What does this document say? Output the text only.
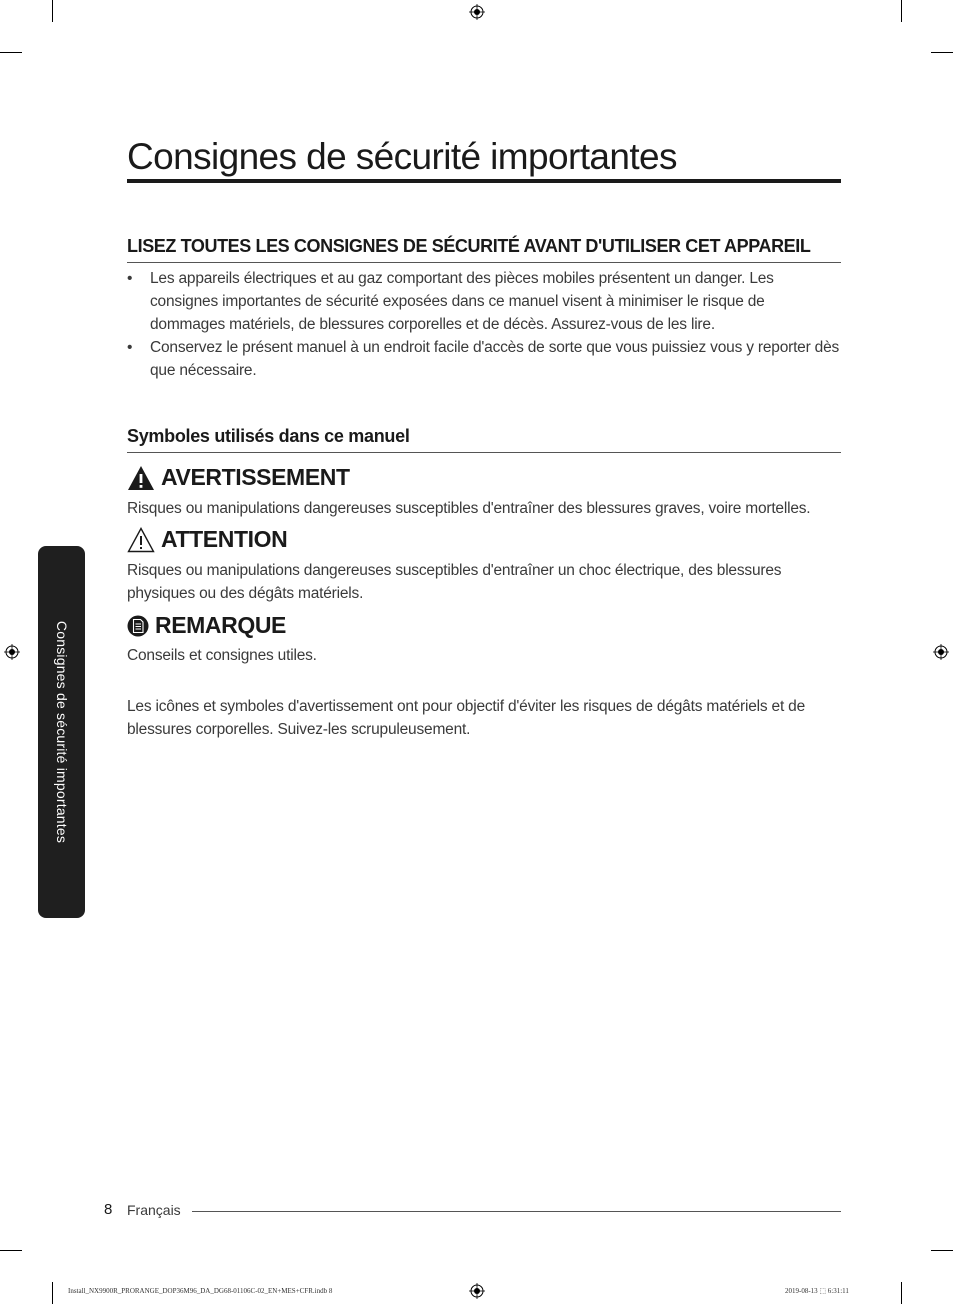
Consignes de sécurité importantes
Consignes de sécurité importantes
LISEZ TOUTES LES CONSIGNES DE SÉCURITÉ AVANT D'UTILISER CET APPAREIL
• Les appareils électriques et au gaz comportant des pièces mobiles présentent un danger. Les consignes importantes de sécurité exposées dans ce manuel visent à minimiser le risque de dommages matériels, de blessures corporelles et de décès. Assurez-vous de les lire.
• Conservez le présent manuel à un endroit facile d'accès de sorte que vous puissiez vous y reporter dès que nécessaire.
Symboles utilisés dans ce manuel
AVERTISSEMENT

Risques ou manipulations dangereuses susceptibles d'entraîner des blessures graves, voire mortelles.

ATTENTION

Risques ou manipulations dangereuses susceptibles d'entraîner un choc électrique, des blessures physiques ou des dégâts matériels.

REMARQUE

Conseils et consignes utiles.

Les icônes et symboles d'avertissement ont pour objectif d'éviter les risques de dégâts matériels et de blessures corporelles. Suivez-les scrupuleusement.

8 Français
Install_NX9900R_PRORANGE_DOP36M96_DA_DG68-01106C-02_EN+MES+CFR.indb 8	2019-08-13 ⬚ 6:31:11
